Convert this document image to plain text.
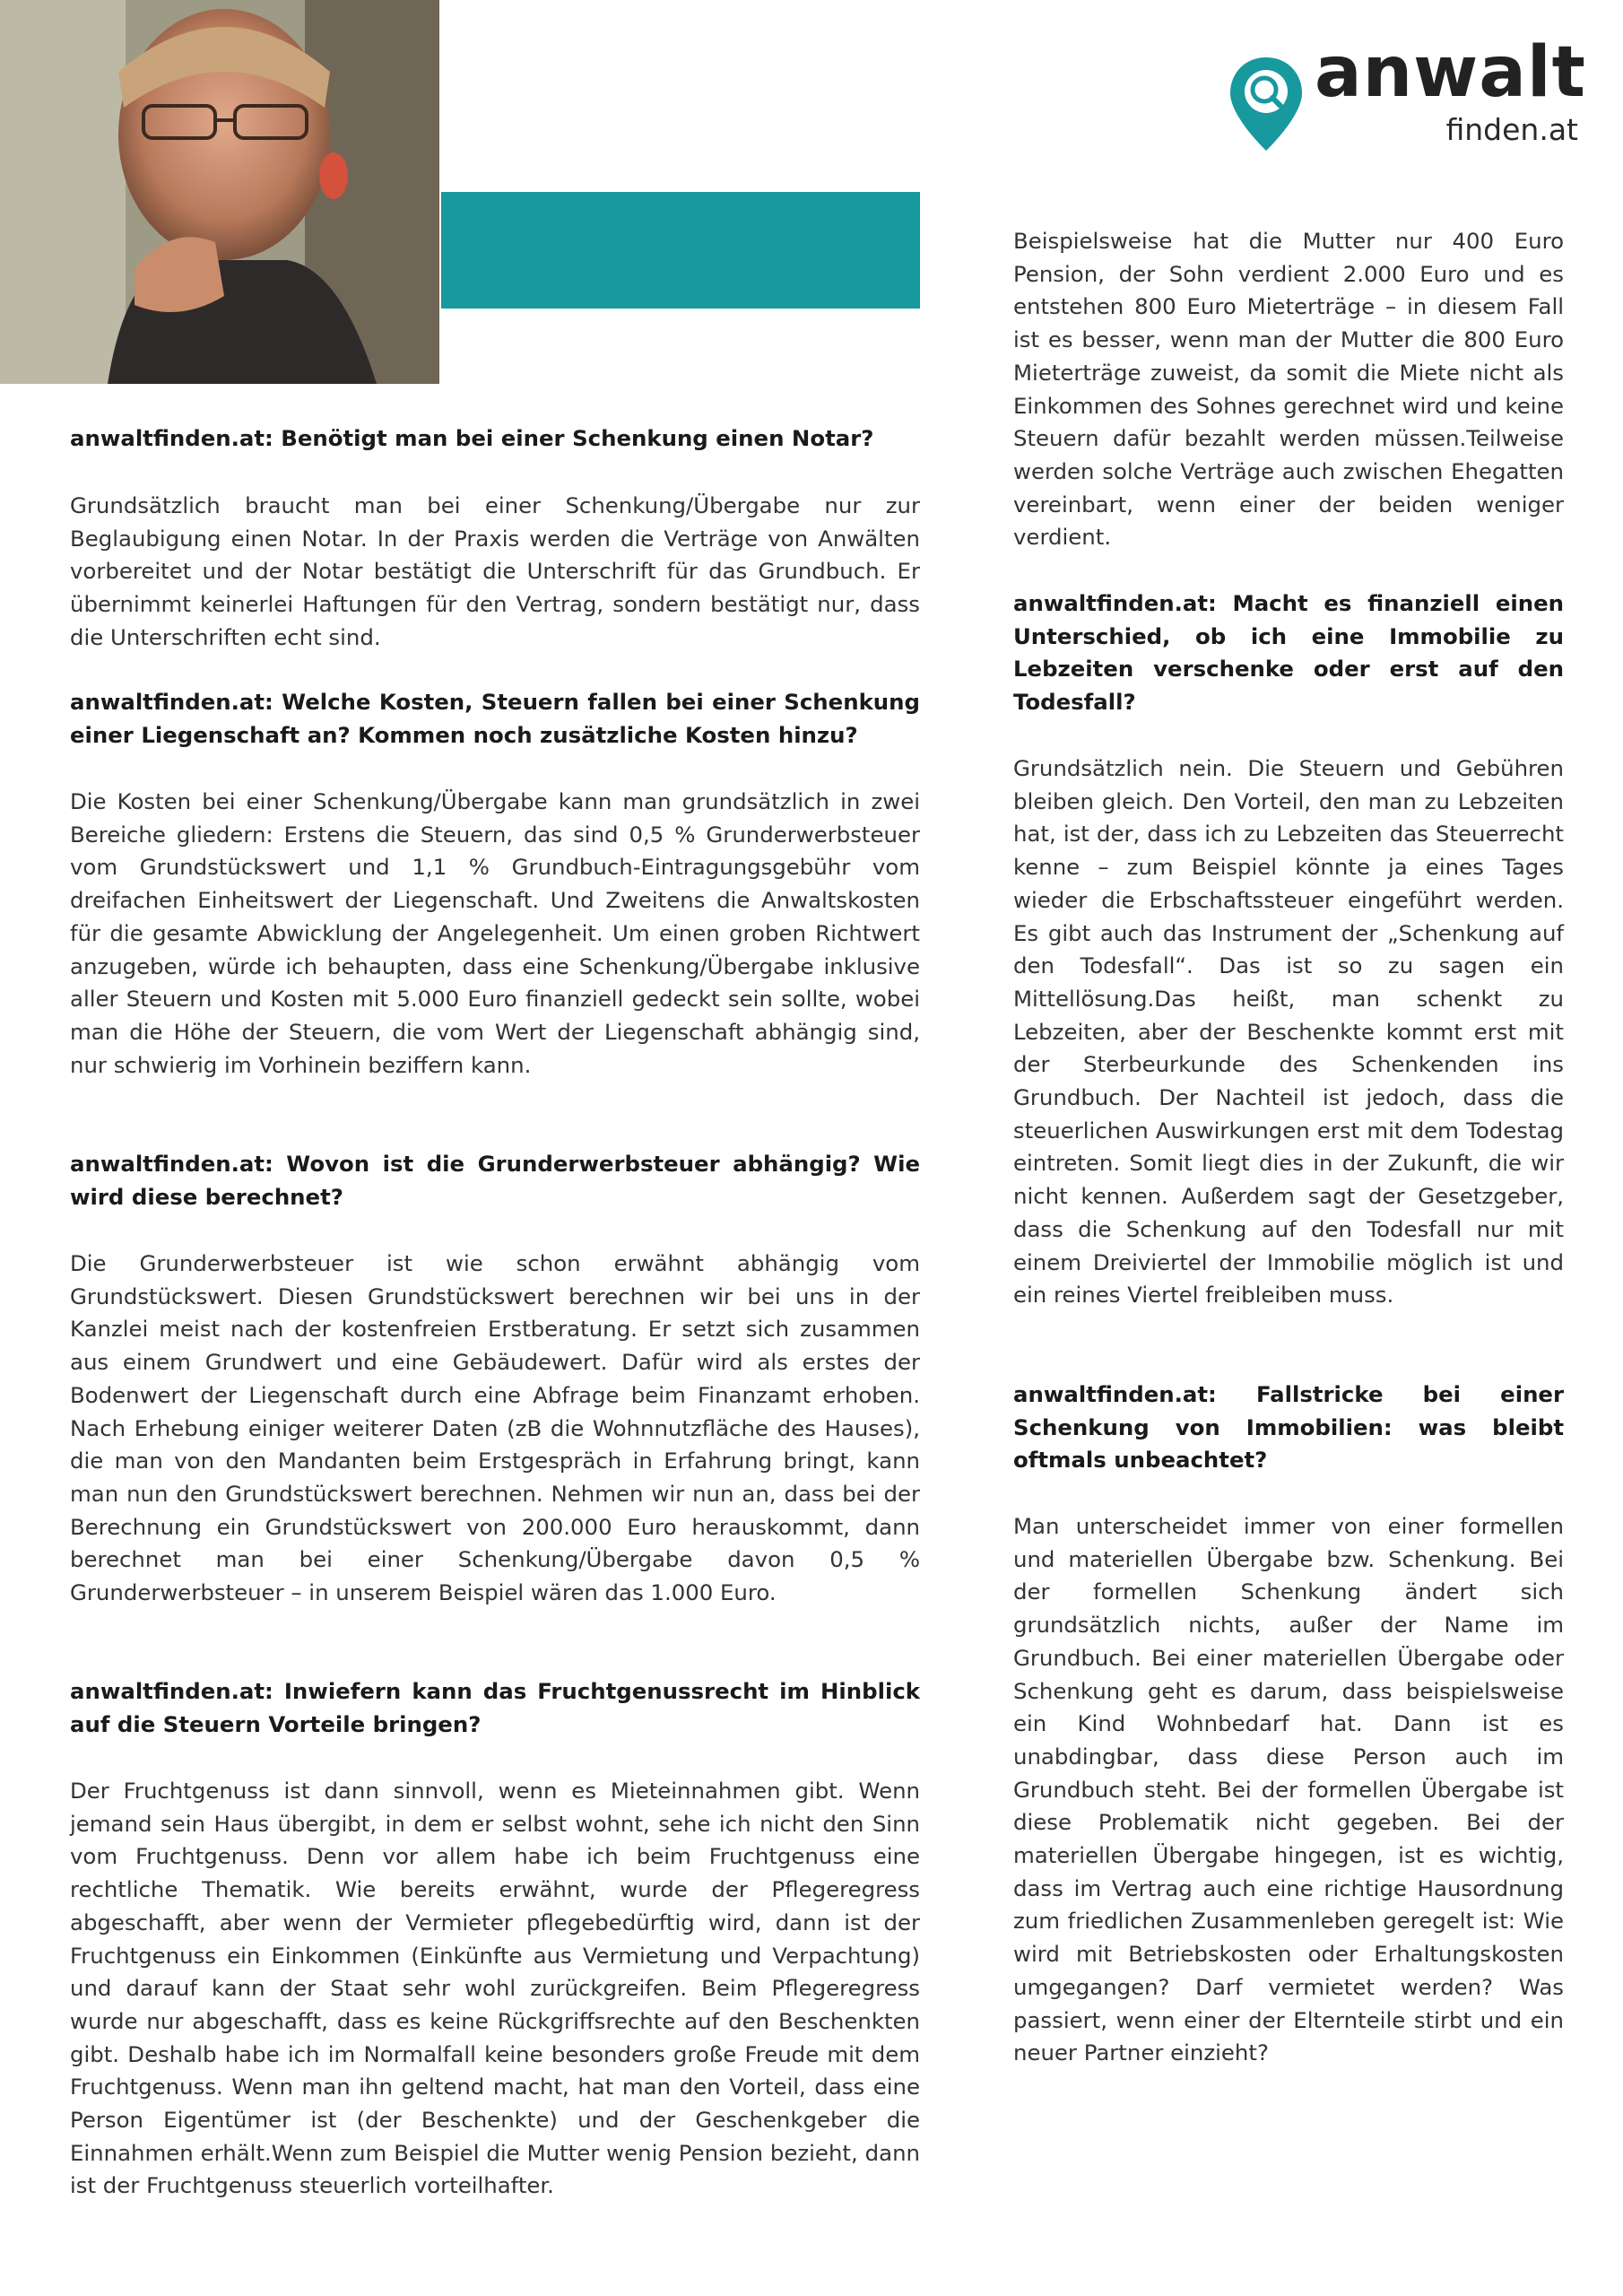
anwalt
finden.at

anwaltfinden.at: Benötigt man bei einer Schenkung einen Notar?

Grundsätzlich braucht man bei einer Schenkung/Übergabe nur zur Beglaubigung einen Notar. In der Praxis werden die Verträge von Anwälten vorbereitet und der Notar bestätigt die Unterschrift für das Grundbuch. Er übernimmt keinerlei Haftungen für den Vertrag, sondern bestätigt nur, dass die Unterschriften echt sind.

anwaltfinden.at: Welche Kosten, Steuern fallen bei einer Schenkung einer Liegenschaft an? Kommen noch zusätzliche Kosten hinzu?

Die Kosten bei einer Schenkung/Übergabe kann man grundsätzlich in zwei Bereiche gliedern: Erstens die Steuern, das sind 0,5 % Grunderwerbsteuer vom Grundstückswert und 1,1 % Grundbuch-Eintragungsgebühr vom dreifachen Einheitswert der Liegenschaft. Und Zweitens die Anwaltskosten für die gesamte Abwicklung der Angelegenheit. Um einen groben Richtwert anzugeben, würde ich behaupten, dass eine Schenkung/Übergabe inklusive aller Steuern und Kosten mit 5.000 Euro finanziell gedeckt sein sollte, wobei man die Höhe der Steuern, die vom Wert der Liegenschaft abhängig sind, nur schwierig im Vorhinein beziffern kann.

anwaltfinden.at: Wovon ist die Grunderwerbsteuer abhängig? Wie wird diese berechnet?

Die Grunderwerbsteuer ist wie schon erwähnt abhängig vom Grundstückswert. Diesen Grundstückswert berechnen wir bei uns in der Kanzlei meist nach der kostenfreien Erstberatung. Er setzt sich zusammen aus einem Grundwert und eine Gebäudewert. Dafür wird als erstes der Bodenwert der Liegenschaft durch eine Abfrage beim Finanzamt erhoben. Nach Erhebung einiger weiterer Daten (zB die Wohnnutzfläche des Hauses), die man von den Mandanten beim Erstgespräch in Erfahrung bringt, kann man nun den Grundstückswert berechnen. Nehmen wir nun an, dass bei der Berechnung ein Grundstückswert von 200.000 Euro herauskommt, dann berechnet man bei einer Schenkung/Übergabe davon 0,5 % Grunderwerbsteuer – in unserem Beispiel wären das 1.000 Euro.

anwaltfinden.at: Inwiefern kann das Fruchtgenussrecht im Hinblick auf die Steuern Vorteile bringen?

Der Fruchtgenuss ist dann sinnvoll, wenn es Mieteinnahmen gibt. Wenn jemand sein Haus übergibt, in dem er selbst wohnt, sehe ich nicht den Sinn vom Fruchtgenuss. Denn vor allem habe ich beim Fruchtgenuss eine rechtliche Thematik. Wie bereits erwähnt, wurde der Pflegeregress abgeschafft, aber wenn der Vermieter pflegebedürftig wird, dann ist der Fruchtgenuss ein Einkommen (Einkünfte aus Vermietung und Verpachtung) und darauf kann der Staat sehr wohl zurückgreifen. Beim Pflegeregress wurde nur abgeschafft, dass es keine Rückgriffsrechte auf den Beschenkten gibt. Deshalb habe ich im Normalfall keine besonders große Freude mit dem Fruchtgenuss. Wenn man ihn geltend macht, hat man den Vorteil, dass eine Person Eigentümer ist (der Beschenkte) und der Geschenkgeber die Einnahmen erhält.Wenn zum Beispiel die Mutter wenig Pension bezieht, dann ist der Fruchtgenuss steuerlich vorteilhafter.

Beispielsweise hat die Mutter nur 400 Euro Pension, der Sohn verdient 2.000 Euro und es entstehen 800 Euro Mieterträge – in diesem Fall ist es besser, wenn man der Mutter die 800 Euro Mieterträge zuweist, da somit die Miete nicht als Einkommen des Sohnes gerechnet wird und keine Steuern dafür bezahlt werden müssen.Teilweise werden solche Verträge auch zwischen Ehegatten vereinbart, wenn einer der beiden weniger verdient.

anwaltfinden.at: Macht es finanziell einen Unterschied, ob ich eine Immobilie zu Lebzeiten verschenke oder erst auf den Todesfall?

Grundsätzlich nein. Die Steuern und Gebühren bleiben gleich. Den Vorteil, den man zu Lebzeiten hat, ist der, dass ich zu Lebzeiten das Steuerrecht kenne – zum Beispiel könnte ja eines Tages wieder die Erbschaftssteuer eingeführt werden. Es gibt auch das Instrument der „Schenkung auf den Todesfall“. Das ist so zu sagen ein Mittellösung.Das heißt, man schenkt zu Lebzeiten, aber der Beschenkte kommt erst mit der Sterbeurkunde des Schenkenden ins Grundbuch. Der Nachteil ist jedoch, dass die steuerlichen Auswirkungen erst mit dem Todestag eintreten. Somit liegt dies in der Zukunft, die wir nicht kennen. Außerdem sagt der Gesetzgeber, dass die Schenkung auf den Todesfall nur mit einem Dreiviertel der Immobilie möglich ist und ein reines Viertel freibleiben muss.

anwaltfinden.at: Fallstricke bei einer Schenkung von Immobilien: was bleibt oftmals unbeachtet?

Man unterscheidet immer von einer formellen und materiellen Übergabe bzw. Schenkung. Bei der formellen Schenkung ändert sich grundsätzlich nichts, außer der Name im Grundbuch. Bei einer materiellen Übergabe oder Schenkung geht es darum, dass beispielsweise ein Kind Wohnbedarf hat. Dann ist es unabdingbar, dass diese Person auch im Grundbuch steht. Bei der formellen Übergabe ist diese Problematik nicht gegeben. Bei der materiellen Übergabe hingegen, ist es wichtig, dass im Vertrag auch eine richtige Hausordnung zum friedlichen Zusammenleben geregelt ist: Wie wird mit Betriebskosten oder Erhaltungskosten umgegangen? Darf vermietet werden? Was passiert, wenn einer der Elternteile stirbt und ein neuer Partner einzieht?
